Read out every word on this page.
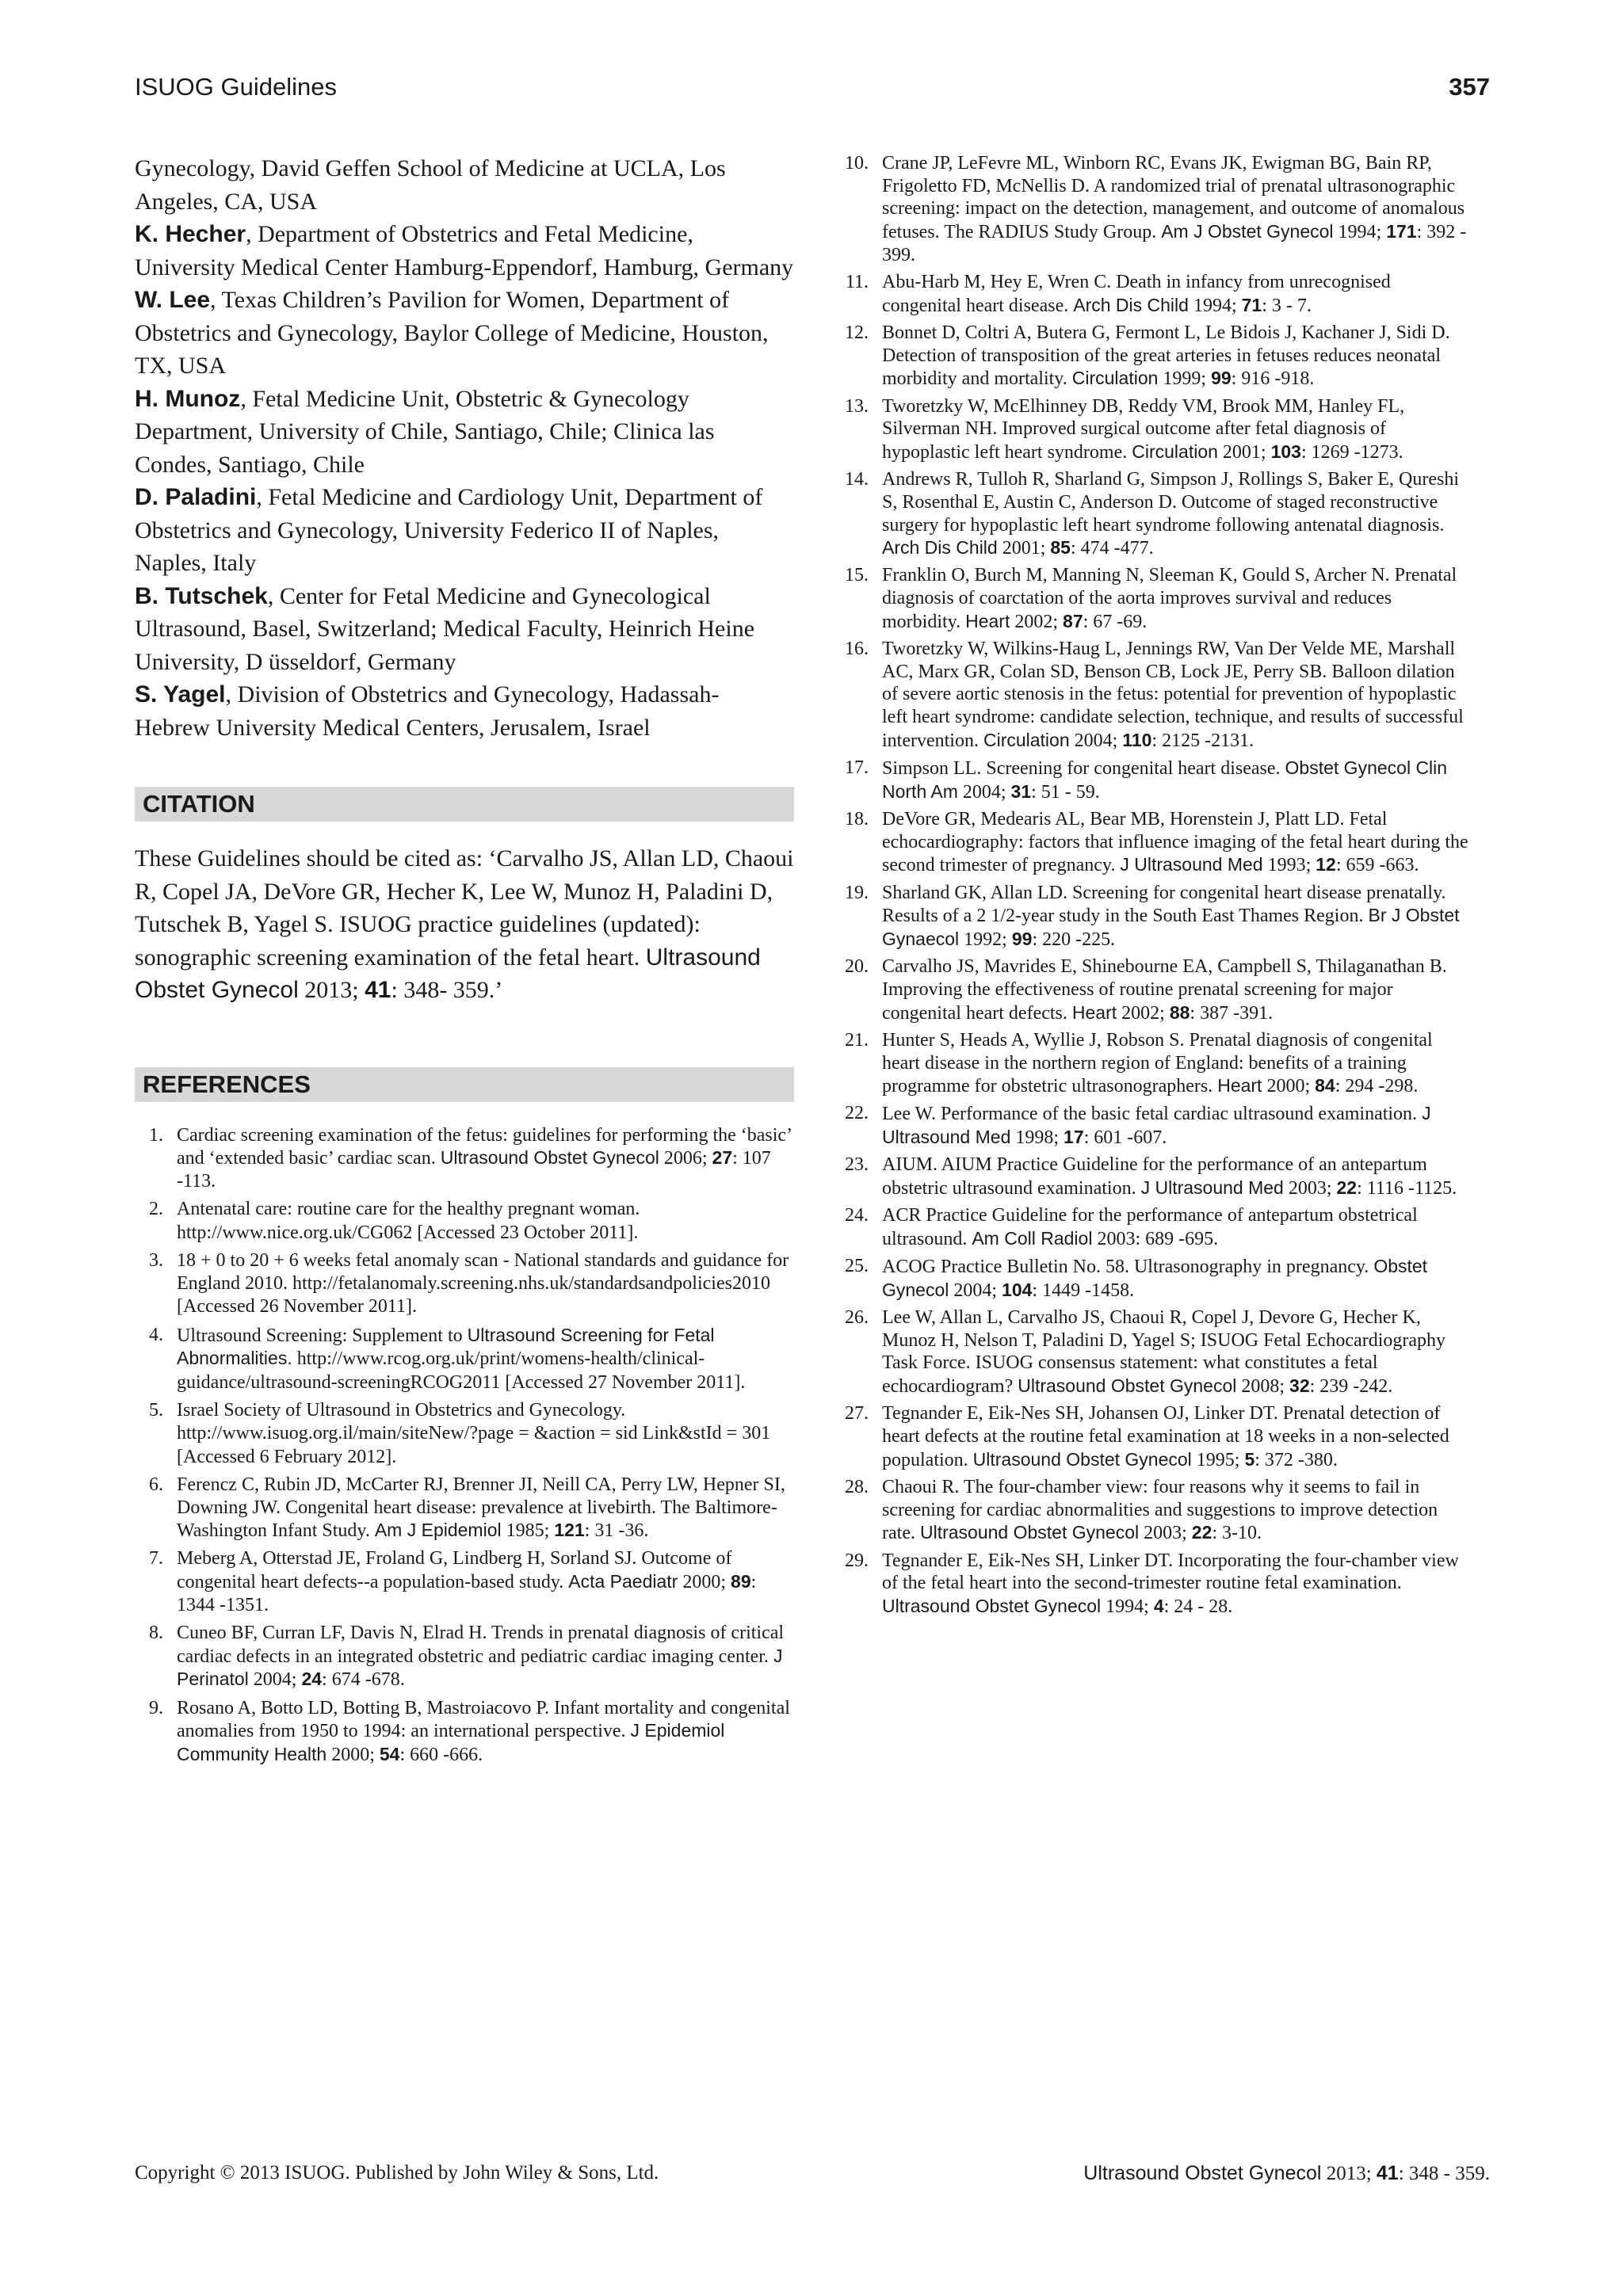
ISUOG Guidelines	357
Gynecology, David Geffen School of Medicine at UCLA, Los Angeles, CA, USA
K. Hecher, Department of Obstetrics and Fetal Medicine, University Medical Center Hamburg-Eppendorf, Hamburg, Germany
W. Lee, Texas Children’s Pavilion for Women, Department of Obstetrics and Gynecology, Baylor College of Medicine, Houston, TX, USA
H. Munoz, Fetal Medicine Unit, Obstetric & Gynecology Department, University of Chile, Santiago, Chile; Clinica las Condes, Santiago, Chile
D. Paladini, Fetal Medicine and Cardiology Unit, Department of Obstetrics and Gynecology, University Federico II of Naples, Naples, Italy
B. Tutschek, Center for Fetal Medicine and Gynecological Ultrasound, Basel, Switzerland; Medical Faculty, Heinrich Heine University, D üsseldorf, Germany
S. Yagel, Division of Obstetrics and Gynecology, Hadassah-Hebrew University Medical Centers, Jerusalem, Israel
CITATION
These Guidelines should be cited as: ‘Carvalho JS, Allan LD, Chaoui R, Copel JA, DeVore GR, Hecher K, Lee W, Munoz H, Paladini D, Tutschek B, Yagel S. ISUOG practice guidelines (updated): sonographic screening examination of the fetal heart. Ultrasound Obstet Gynecol 2013; 41: 348- 359.’
REFERENCES
1. Cardiac screening examination of the fetus: guidelines for performing the ‘basic’ and ‘extended basic’ cardiac scan. Ultrasound Obstet Gynecol 2006; 27: 107 -113.
2. Antenatal care: routine care for the healthy pregnant woman. http://www.nice.org.uk/CG062 [Accessed 23 October 2011].
3. 18 + 0 to 20 + 6 weeks fetal anomaly scan - National standards and guidance for England 2010. http://fetalanomaly.screening.nhs.uk/standardsandpolicies2010 [Accessed 26 November 2011].
4. Ultrasound Screening: Supplement to Ultrasound Screening for Fetal Abnormalities. http://www.rcog.org.uk/print/womens-health/clinical-guidance/ultrasound-screeningRCOG2011 [Accessed 27 November 2011].
5. Israel Society of Ultrasound in Obstetrics and Gynecology. http://www.isuog.org.il/main/siteNew/?page = &action = sid Link&stId = 301 [Accessed 6 February 2012].
6. Ferencz C, Rubin JD, McCarter RJ, Brenner JI, Neill CA, Perry LW, Hepner SI, Downing JW. Congenital heart disease: prevalence at livebirth. The Baltimore-Washington Infant Study. Am J Epidemiol 1985; 121: 31 -36.
7. Meberg A, Otterstad JE, Froland G, Lindberg H, Sorland SJ. Outcome of congenital heart defects--a population-based study. Acta Paediatr 2000; 89: 1344 -1351.
8. Cuneo BF, Curran LF, Davis N, Elrad H. Trends in prenatal diagnosis of critical cardiac defects in an integrated obstetric and pediatric cardiac imaging center. J Perinatol 2004; 24: 674 -678.
9. Rosano A, Botto LD, Botting B, Mastroiacovo P. Infant mortality and congenital anomalies from 1950 to 1994: an international perspective. J Epidemiol Community Health 2000; 54: 660 -666.
10. Crane JP, LeFevre ML, Winborn RC, Evans JK, Ewigman BG, Bain RP, Frigoletto FD, McNellis D. A randomized trial of prenatal ultrasonographic screening: impact on the detection, management, and outcome of anomalous fetuses. The RADIUS Study Group. Am J Obstet Gynecol 1994; 171: 392 - 399.
11. Abu-Harb M, Hey E, Wren C. Death in infancy from unrecognised congenital heart disease. Arch Dis Child 1994; 71: 3 - 7.
12. Bonnet D, Coltri A, Butera G, Fermont L, Le Bidois J, Kachaner J, Sidi D. Detection of transposition of the great arteries in fetuses reduces neonatal morbidity and mortality. Circulation 1999; 99: 916 -918.
13. Tworetzky W, McElhinney DB, Reddy VM, Brook MM, Hanley FL, Silverman NH. Improved surgical outcome after fetal diagnosis of hypoplastic left heart syndrome. Circulation 2001; 103: 1269 -1273.
14. Andrews R, Tulloh R, Sharland G, Simpson J, Rollings S, Baker E, Qureshi S, Rosenthal E, Austin C, Anderson D. Outcome of staged reconstructive surgery for hypoplastic left heart syndrome following antenatal diagnosis. Arch Dis Child 2001; 85: 474 -477.
15. Franklin O, Burch M, Manning N, Sleeman K, Gould S, Archer N. Prenatal diagnosis of coarctation of the aorta improves survival and reduces morbidity. Heart 2002; 87: 67 -69.
16. Tworetzky W, Wilkins-Haug L, Jennings RW, Van Der Velde ME, Marshall AC, Marx GR, Colan SD, Benson CB, Lock JE, Perry SB. Balloon dilation of severe aortic stenosis in the fetus: potential for prevention of hypoplastic left heart syndrome: candidate selection, technique, and results of successful intervention. Circulation 2004; 110: 2125 -2131.
17. Simpson LL. Screening for congenital heart disease. Obstet Gynecol Clin North Am 2004; 31: 51 - 59.
18. DeVore GR, Medearis AL, Bear MB, Horenstein J, Platt LD. Fetal echocardiography: factors that influence imaging of the fetal heart during the second trimester of pregnancy. J Ultrasound Med 1993; 12: 659 -663.
19. Sharland GK, Allan LD. Screening for congenital heart disease prenatally. Results of a 2 1/2-year study in the South East Thames Region. Br J Obstet Gynaecol 1992; 99: 220 -225.
20. Carvalho JS, Mavrides E, Shinebourne EA, Campbell S, Thilaganathan B. Improving the effectiveness of routine prenatal screening for major congenital heart defects. Heart 2002; 88: 387 -391.
21. Hunter S, Heads A, Wyllie J, Robson S. Prenatal diagnosis of congenital heart disease in the northern region of England: benefits of a training programme for obstetric ultrasonographers. Heart 2000; 84: 294 -298.
22. Lee W. Performance of the basic fetal cardiac ultrasound examination. J Ultrasound Med 1998; 17: 601 -607.
23. AIUM. AIUM Practice Guideline for the performance of an antepartum obstetric ultrasound examination. J Ultrasound Med 2003; 22: 1116 -1125.
24. ACR Practice Guideline for the performance of antepartum obstetrical ultrasound. Am Coll Radiol 2003: 689 -695.
25. ACOG Practice Bulletin No. 58. Ultrasonography in pregnancy. Obstet Gynecol 2004; 104: 1449 -1458.
26. Lee W, Allan L, Carvalho JS, Chaoui R, Copel J, Devore G, Hecher K, Munoz H, Nelson T, Paladini D, Yagel S; ISUOG Fetal Echocardiography Task Force. ISUOG consensus statement: what constitutes a fetal echocardiogram? Ultrasound Obstet Gynecol 2008; 32: 239 -242.
27. Tegnander E, Eik-Nes SH, Johansen OJ, Linker DT. Prenatal detection of heart defects at the routine fetal examination at 18 weeks in a non-selected population. Ultrasound Obstet Gynecol 1995; 5: 372 -380.
28. Chaoui R. The four-chamber view: four reasons why it seems to fail in screening for cardiac abnormalities and suggestions to improve detection rate. Ultrasound Obstet Gynecol 2003; 22: 3-10.
29. Tegnander E, Eik-Nes SH, Linker DT. Incorporating the four-chamber view of the fetal heart into the second-trimester routine fetal examination. Ultrasound Obstet Gynecol 1994; 4: 24 - 28.
Copyright © 2013 ISUOG. Published by John Wiley & Sons, Ltd.	Ultrasound Obstet Gynecol 2013; 41: 348 - 359.
